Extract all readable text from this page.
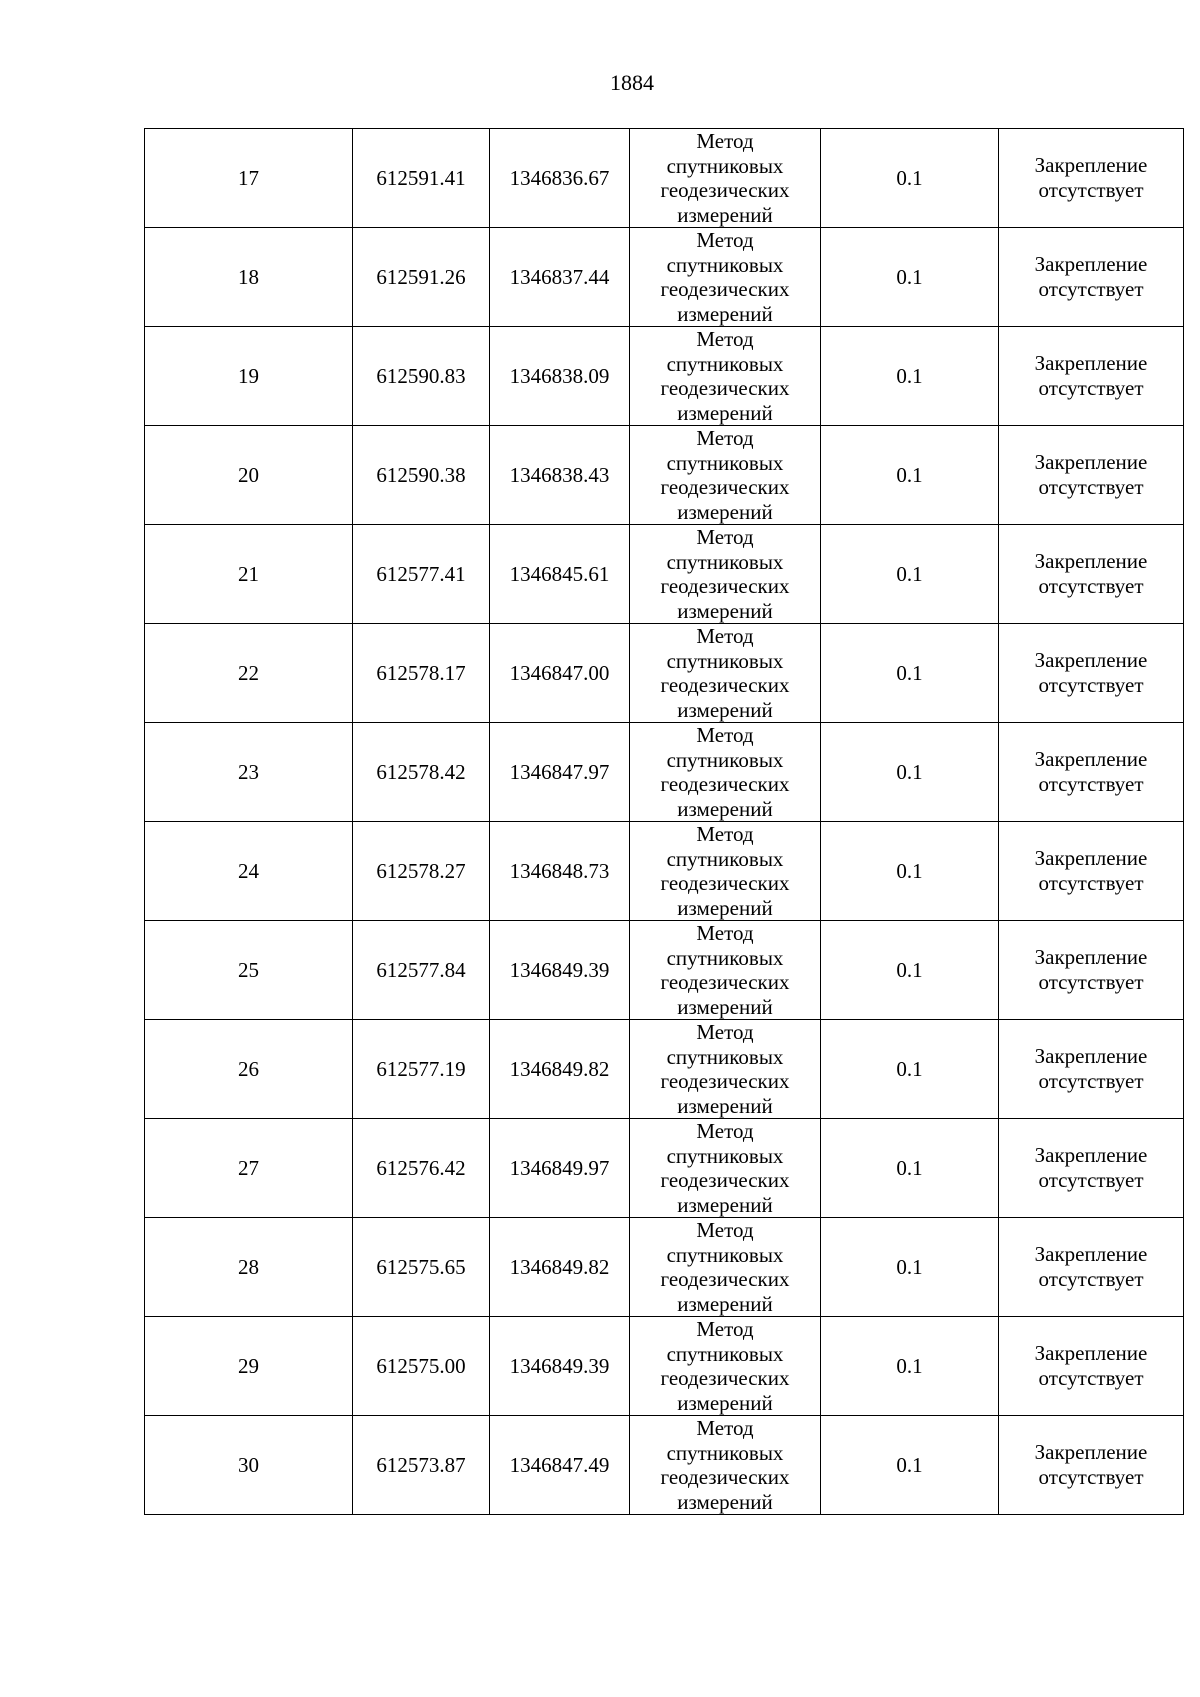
1884
17	612591.41	1346836.67	Метод
спутниковых
геодезических
измерений	0.1	Закрепление
отсутствует

18	612591.26	1346837.44	Метод
спутниковых
геодезических
измерений	0.1	Закрепление
отсутствует

19	612590.83	1346838.09	Метод
спутниковых
геодезических
измерений	0.1	Закрепление
отсутствует

20	612590.38	1346838.43	Метод
спутниковых
геодезических
измерений	0.1	Закрепление
отсутствует

21	612577.41	1346845.61	Метод
спутниковых
геодезических
измерений	0.1	Закрепление
отсутствует

22	612578.17	1346847.00	Метод
спутниковых
геодезических
измерений	0.1	Закрепление
отсутствует

23	612578.42	1346847.97	Метод
спутниковых
геодезических
измерений	0.1	Закрепление
отсутствует

24	612578.27	1346848.73	Метод
спутниковых
геодезических
измерений	0.1	Закрепление
отсутствует

25	612577.84	1346849.39	Метод
спутниковых
геодезических
измерений	0.1	Закрепление
отсутствует

26	612577.19	1346849.82	Метод
спутниковых
геодезических
измерений	0.1	Закрепление
отсутствует

27	612576.42	1346849.97	Метод
спутниковых
геодезических
измерений	0.1	Закрепление
отсутствует

28	612575.65	1346849.82	Метод
спутниковых
геодезических
измерений	0.1	Закрепление
отсутствует

29	612575.00	1346849.39	Метод
спутниковых
геодезических
измерений	0.1	Закрепление
отсутствует

30	612573.87	1346847.49	Метод
спутниковых
геодезических
измерений	0.1	Закрепление
отсутствует
